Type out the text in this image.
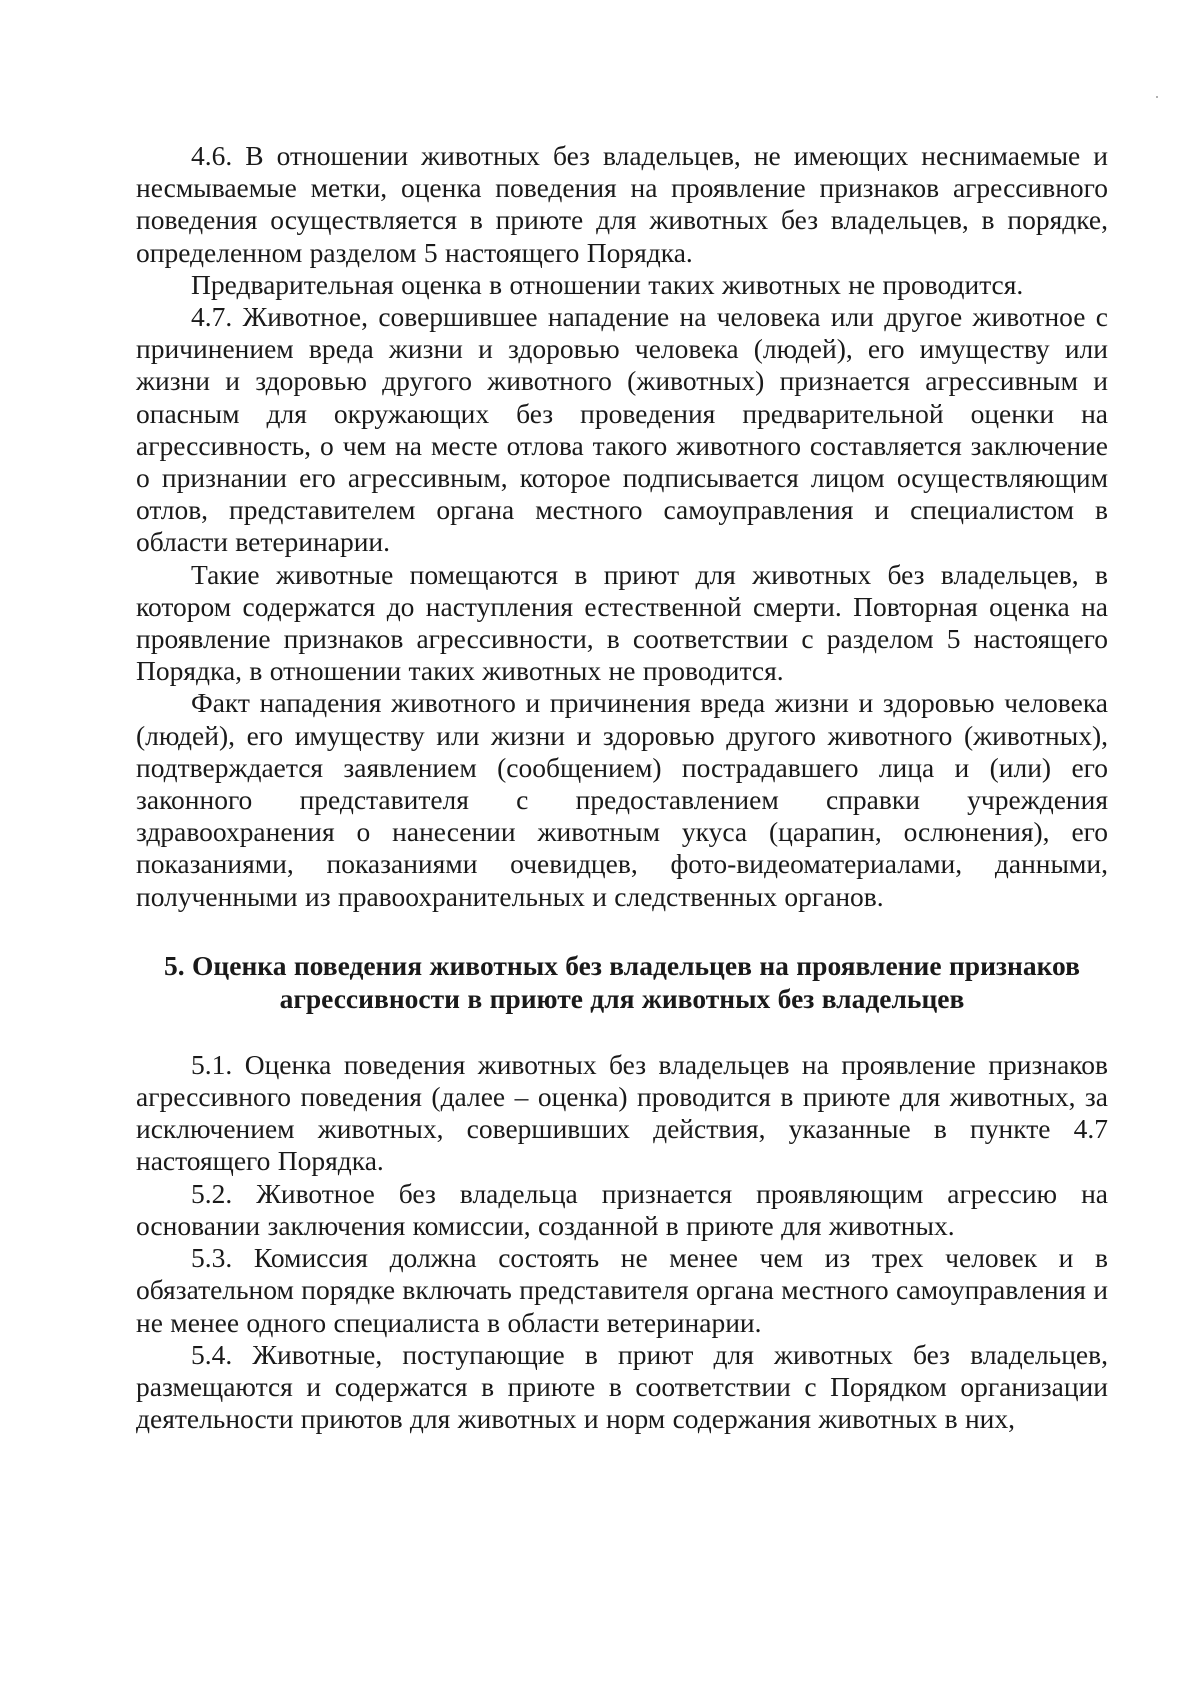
4.6. В отношении животных без владельцев, не имеющих неснимаемые и несмываемые метки, оценка поведения на проявление признаков агрессивного поведения осуществляется в приюте для животных без владельцев, в порядке, определенном разделом 5 настоящего Порядка.

Предварительная оценка в отношении таких животных не проводится.

4.7. Животное, совершившее нападение на человека или другое животное с причинением вреда жизни и здоровью человека (людей), его имуществу или жизни и здоровью другого животного (животных) признается агрессивным и опасным для окружающих без проведения предварительной оценки на агрессивность, о чем на месте отлова такого животного составляется заключение о признании его агрессивным, которое подписывается лицом осуществляющим отлов, представителем органа местного самоуправления и специалистом в области ветеринарии.

Такие животные помещаются в приют для животных без владельцев, в котором содержатся до наступления естественной смерти. Повторная оценка на проявление признаков агрессивности, в соответствии с разделом 5 настоящего Порядка, в отношении таких животных не проводится.

Факт нападения животного и причинения вреда жизни и здоровью человека (людей), его имуществу или жизни и здоровью другого животного (животных), подтверждается заявлением (сообщением) пострадавшего лица и (или) его законного представителя с предоставлением справки учреждения здравоохранения о нанесении животным укуса (царапин, ослюнения), его показаниями, показаниями очевидцев, фото-видеоматериалами, данными, полученными из правоохранительных и следственных органов.

5. Оценка поведения животных без владельцев на проявление признаков

агрессивности в приюте для животных без владельцев

5.1. Оценка поведения животных без владельцев на проявление признаков агрессивного поведения (далее – оценка) проводится в приюте для животных, за исключением животных, совершивших действия, указанные в пункте 4.7 настоящего Порядка.

5.2. Животное без владельца признается проявляющим агрессию на основании заключения комиссии, созданной в приюте для животных.

5.3. Комиссия должна состоять не менее чем из трех человек и в обязательном порядке включать представителя органа местного самоуправления и не менее одного специалиста в области ветеринарии.

5.4. Животные, поступающие в приют для животных без владельцев, размещаются и содержатся в приюте в соответствии с Порядком организации деятельности приютов для животных и норм содержания животных в них,
